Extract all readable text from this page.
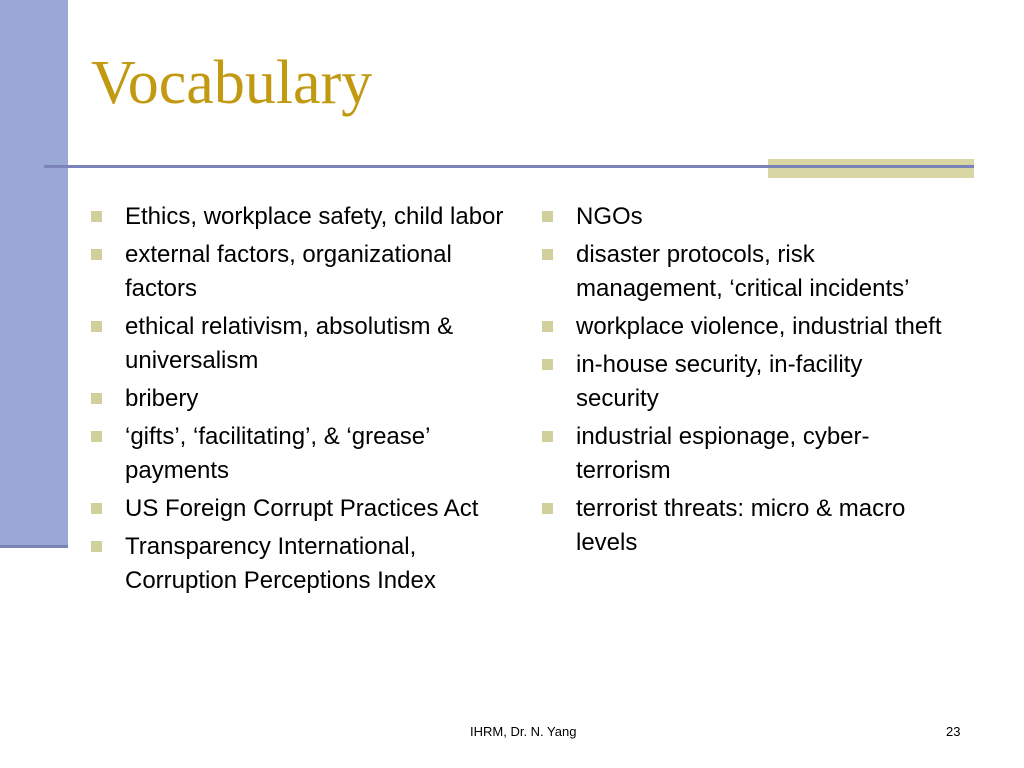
Vocabulary
Ethics, workplace safety, child labor
external factors, organizational factors
ethical relativism, absolutism & universalism
bribery
‘gifts’, ‘facilitating’, & ‘grease’ payments
US Foreign Corrupt Practices Act
Transparency International, Corruption Perceptions Index
NGOs
disaster protocols, risk management, ‘critical incidents’
workplace violence, industrial theft
in-house security, in-facility security
industrial espionage, cyber-terrorism
terrorist threats: micro & macro levels
IHRM, Dr. N. Yang	23
